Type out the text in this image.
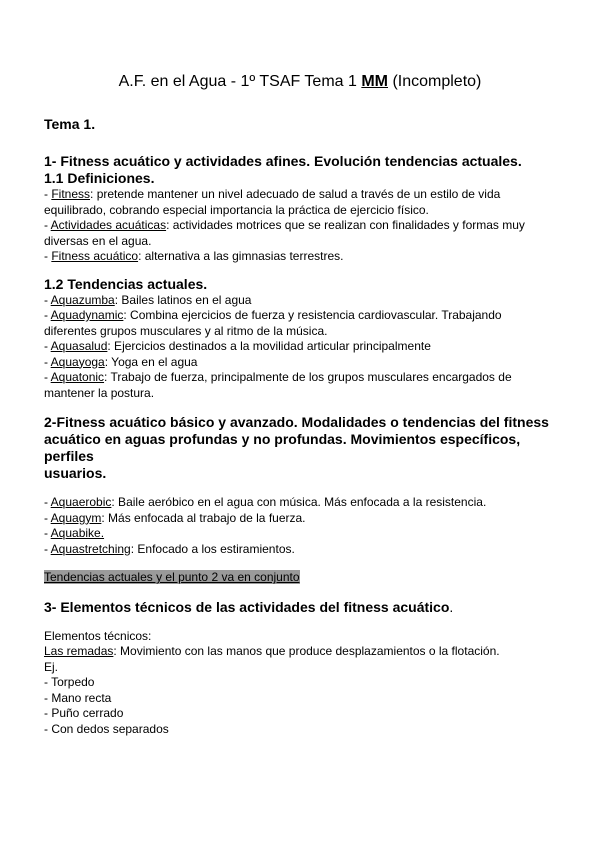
A.F. en el Agua - 1º TSAF Tema 1 MM (Incompleto)

Tema 1.

1- Fitness acuático y actividades afines. Evolución tendencias actuales.

1.1 Definiciones.

- Fitness: pretende mantener un nivel adecuado de salud a través de un estilo de vida

equilibrado, cobrando especial importancia la práctica de ejercicio físico.

- Actividades acuáticas: actividades motrices que se realizan con finalidades y formas muy

diversas en el agua.

- Fitness acuático: alternativa a las gimnasias terrestres.

1.2 Tendencias actuales.

- Aquazumba: Bailes latinos en el agua

- Aquadynamic: Combina ejercicios de fuerza y resistencia cardiovascular. Trabajando

diferentes grupos musculares y al ritmo de la música.

- Aquasalud: Ejercicios destinados a la movilidad articular principalmente

- Aquayoga: Yoga en el agua

- Aquatonic: Trabajo de fuerza, principalmente de los grupos musculares encargados de

mantener la postura.

2-Fitness acuático básico y avanzado. Modalidades o tendencias del fitness

acuático en aguas profundas y no profundas. Movimientos específicos, perfiles

usuarios.

- Aquaerobic: Baile aeróbico en el agua con música. Más enfocada a la resistencia.

- Aquagym: Más enfocada al trabajo de la fuerza.

- Aquabike.

- Aquastretching: Enfocado a los estiramientos.

Tendencias actuales y el punto 2 va en conjunto

3- Elementos técnicos de las actividades del fitness acuático.

Elementos técnicos:

Las remadas: Movimiento con las manos que produce desplazamientos o la flotación.

Ej.

- Torpedo

- Mano recta

- Puño cerrado

- Con dedos separados
